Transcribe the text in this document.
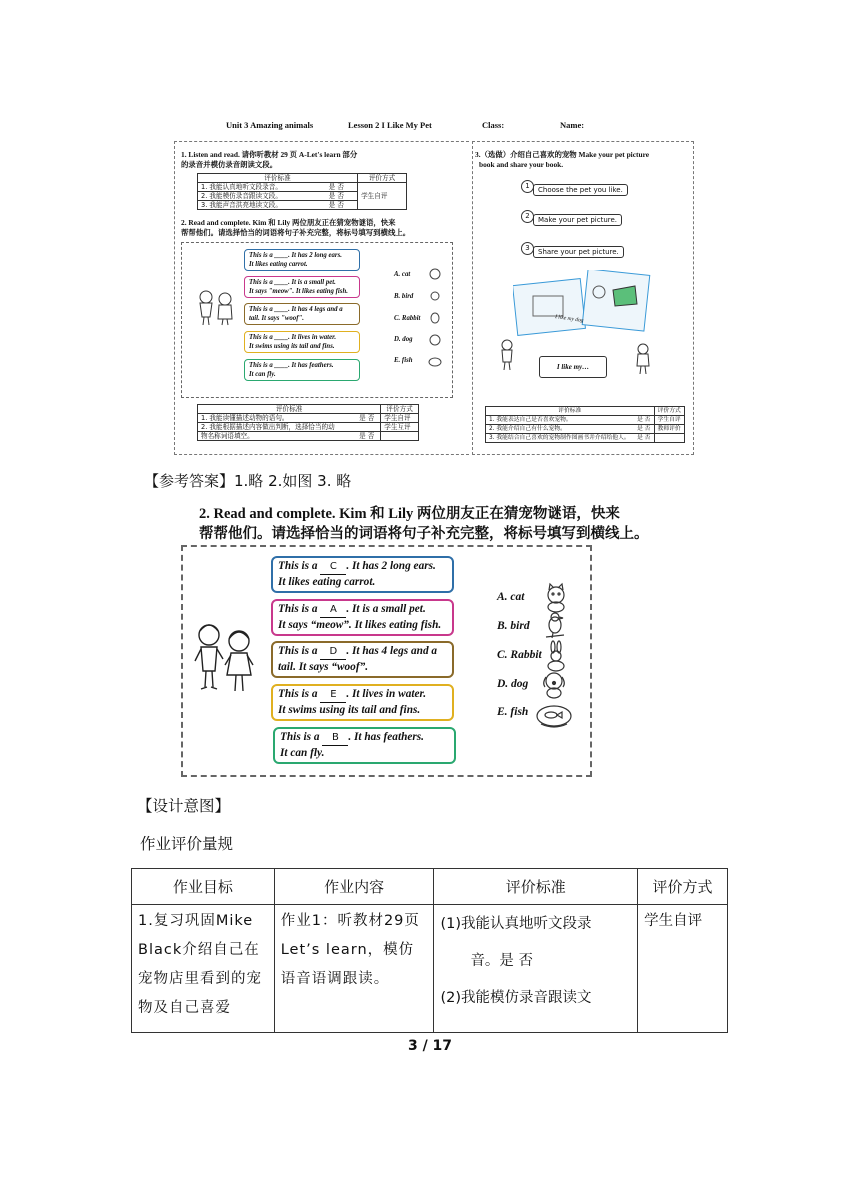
Unit 3 Amazing animals	Lesson 2 I Like My Pet	Class:	Name:
1. Listen and read. 请你听教材 29 页 A-Let's learn 部分
的录音并模仿录音朗读文段。
评价标准		评价方式
1. 我能认真地听文段录音。	是 否	学生自评
2. 我能模仿录音跟读文段。	是 否	
3. 我能声音洪亮地读文段。	是 否	
2. Read and complete. Kim 和 Lily 两位朋友正在猜宠物谜语，快来
帮帮他们。请选择恰当的词语将句子补充完整，将标号填写到横线上。
This is a ____. It has 2 long ears.
It likes eating carrot.
This is a ____. It is a small pet.
It says "meow". It likes eating fish.
This is a ____. It has 4 legs and a
tail. It says "woof".
This is a ____. It lives in water.
It swims using its tail and fins.
This is a ____. It has feathers.
It can fly.
A. cat
B. bird
C. Rabbit
D. dog
E. fish
评价标准		评价方式
1. 我能读懂描述动物的语句。	是 否	学生自评
2. 我能根据描述内容做出判断，选择恰当的动		学生互评
物名称词语填空。	是 否	
3.（选做）介绍自己喜欢的宠物 Make your pet picture
book and share your book.
1	Choose the pet you like.
2	Make your pet picture.
3	Share your pet picture.
I like my dog
I like my…
评价标准		评价方式
1. 我能表达自己是否喜欢宠物。	是 否	学生自评
2. 我能介绍自己有什么宠物。	是 否	教师评价
3. 我能结合自己喜欢的宠物制作图画书并介绍给他人。	是 否	
【参考答案】1.略 2.如图 3. 略
2. Read and complete. Kim 和 Lily 两位朋友正在猜宠物谜语，快来
帮帮他们。请选择恰当的词语将句子补充完整，将标号填写到横线上。
This is a C . It has 2 long ears.
It likes eating carrot.
This is a A . It is a small pet.
It says “meow”. It likes eating fish.
This is a D . It has 4 legs and a
tail. It says “woof”.
This is a E . It lives in water.
It swims using its tail and fins.
This is a B . It has feathers.
It can fly.
A. cat
B. bird
C. Rabbit
D. dog
E. fish
【设计意图】
作业评价量规
作业目标	作业内容	评价标准	评价方式
1.复习巩固Mike Black介绍自己在宠物店里看到的宠物及自己喜爱	作业1：听教材29页 Let’s learn，模仿语音语调跟读。	(1)我能认真地听文段录
音。是 否
(2)我能模仿录音跟读文	学生自评
3 / 17
